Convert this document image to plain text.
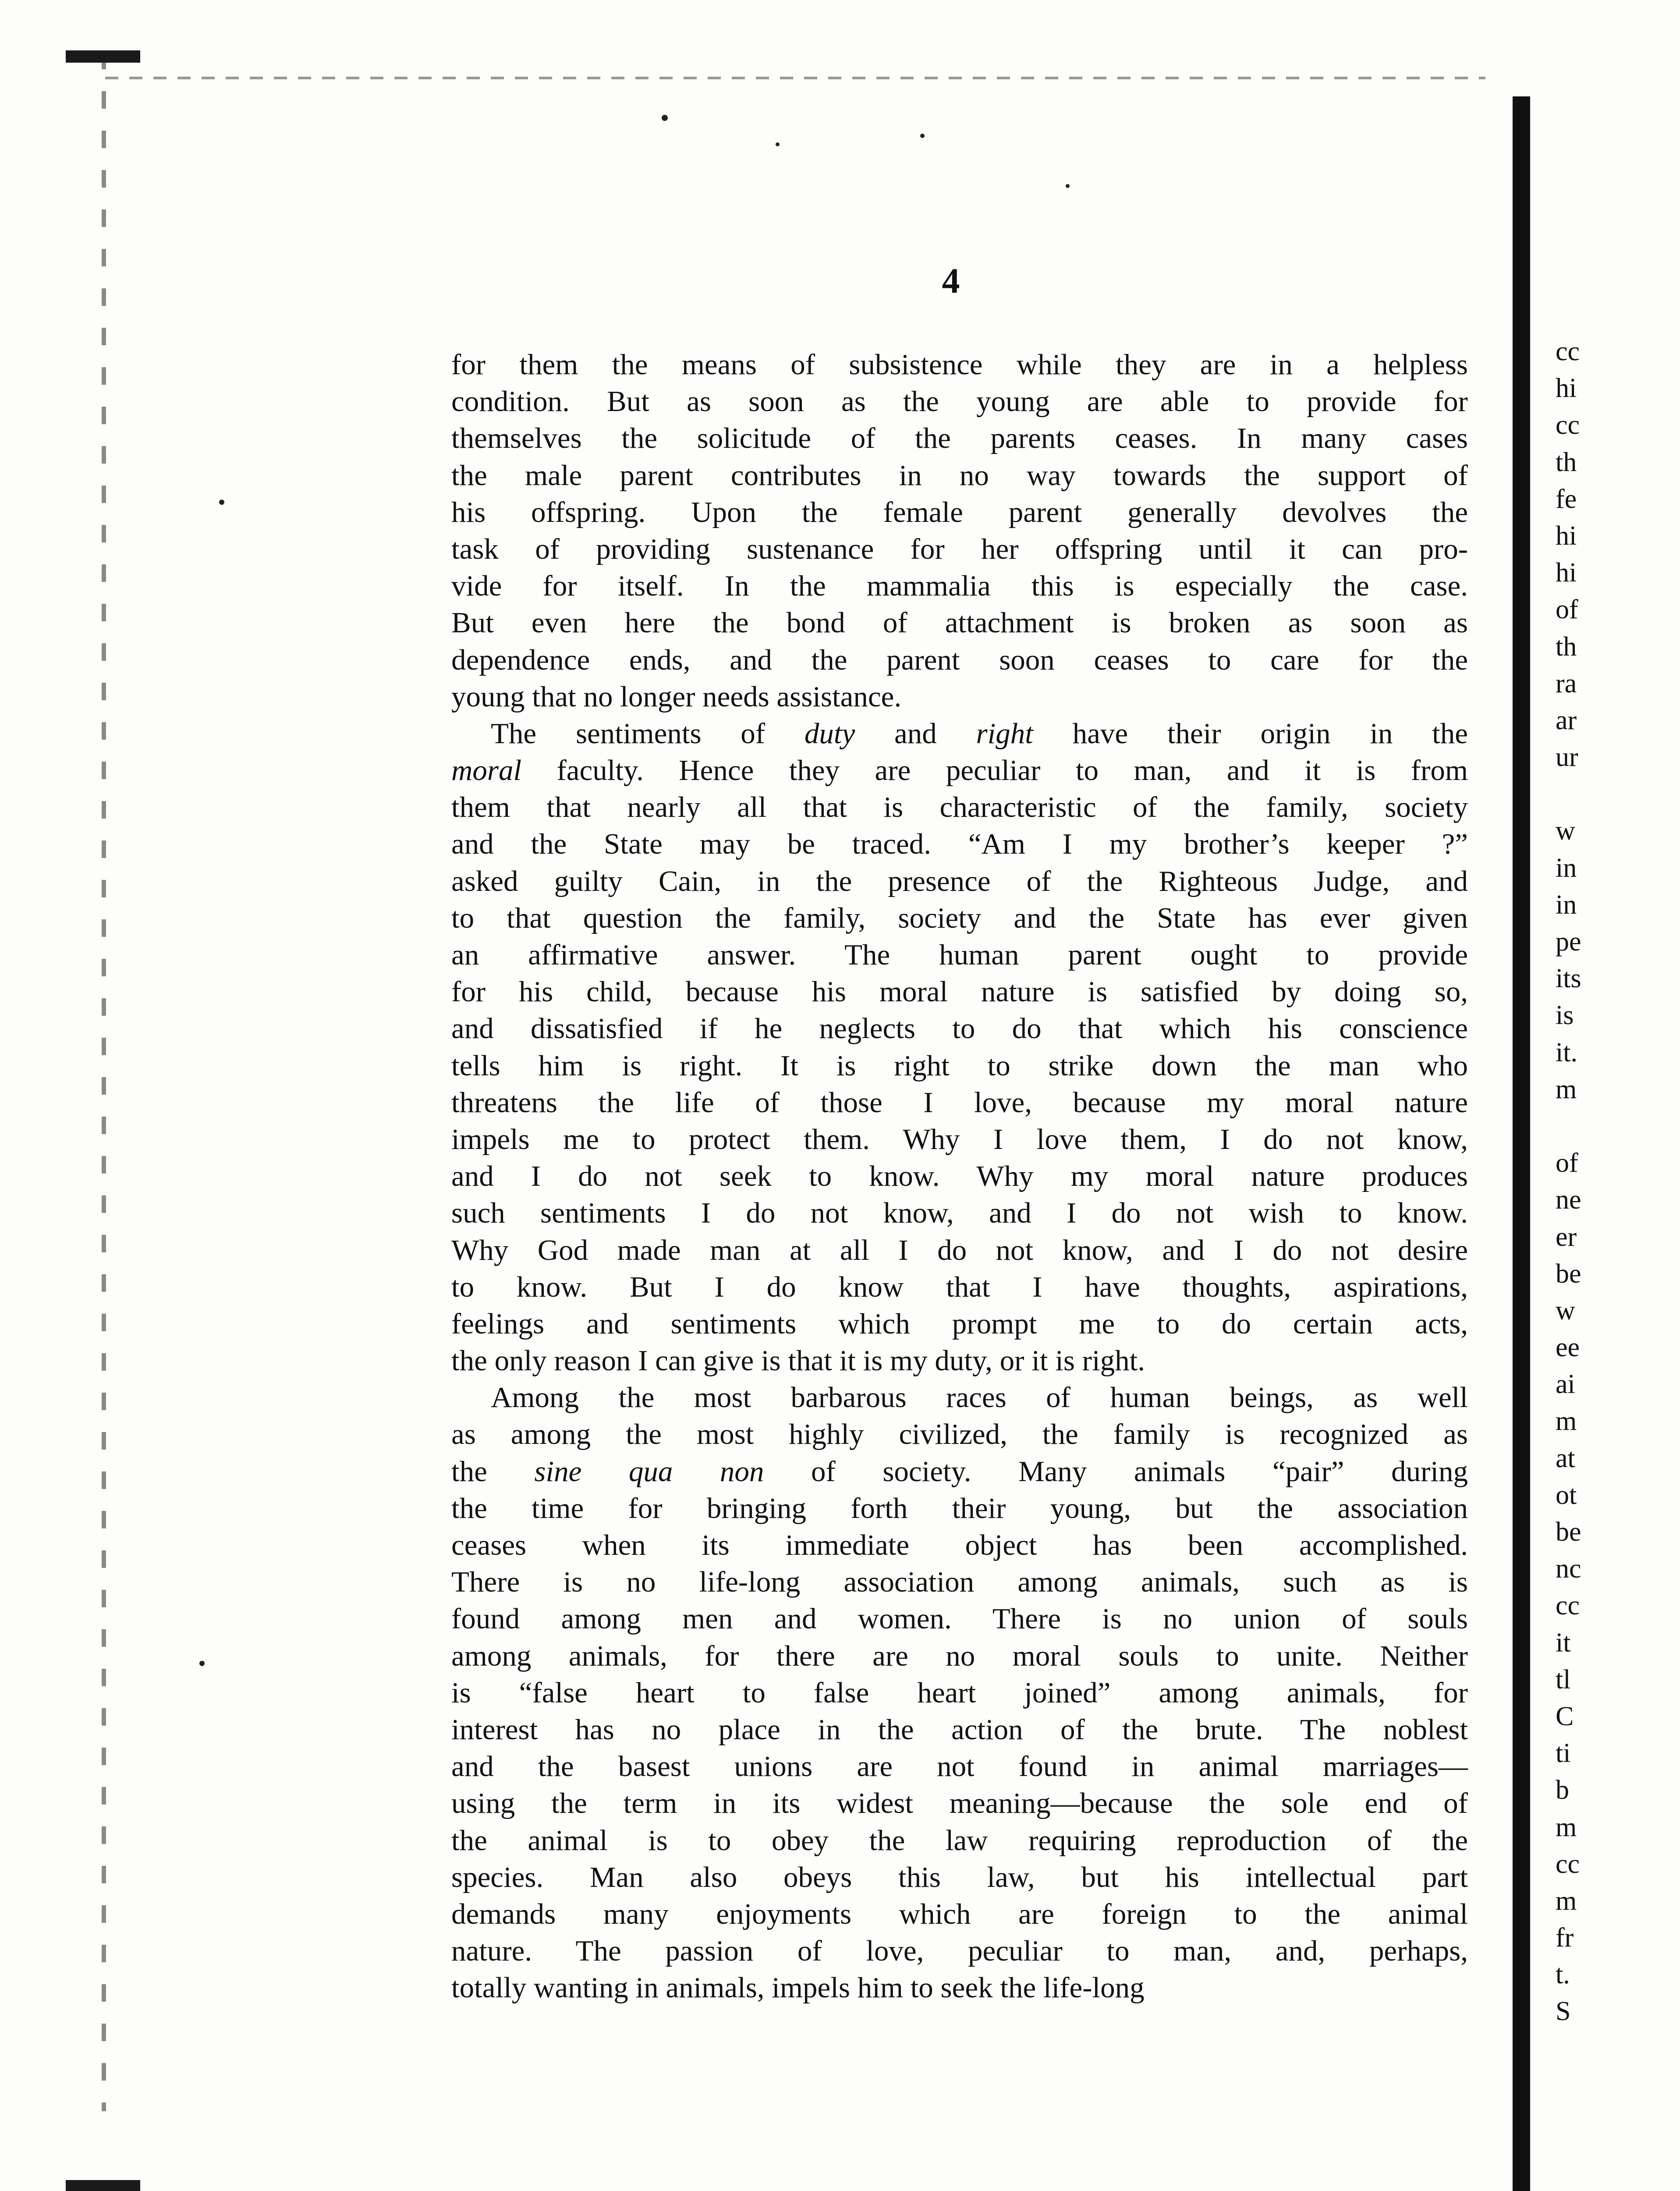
4

for them the means of subsistence while they are in a helpless
condition. But as soon as the young are able to provide for
themselves the solicitude of the parents ceases. In many cases
the male parent contributes in no way towards the support of
his offspring. Upon the female parent generally devolves the
task of providing sustenance for her offspring until it can pro-
vide for itself. In the mammalia this is especially the case.
But even here the bond of attachment is broken as soon as
dependence ends, and the parent soon ceases to care for the
young that no longer needs assistance.

The sentiments of duty and right have their origin in the
moral faculty. Hence they are peculiar to man, and it is from
them that nearly all that is characteristic of the family, society
and the State may be traced. “Am I my brother’s keeper ?”
asked guilty Cain, in the presence of the Righteous Judge, and
to that question the family, society and the State has ever given
an affirmative answer. The human parent ought to provide
for his child, because his moral nature is satisfied by doing so,
and dissatisfied if he neglects to do that which his conscience
tells him is right. It is right to strike down the man who
threatens the life of those I love, because my moral nature
impels me to protect them. Why I love them, I do not know,
and I do not seek to know. Why my moral nature produces
such sentiments I do not know, and I do not wish to know.
Why God made man at all I do not know, and I do not desire
to know. But I do know that I have thoughts, aspirations,
feelings and sentiments which prompt me to do certain acts,
the only reason I can give is that it is my duty, or it is right.

Among the most barbarous races of human beings, as well
as among the most highly civilized, the family is recognized as
the sine qua non of society. Many animals “pair” during
the time for bringing forth their young, but the association
ceases when its immediate object has been accomplished.
There is no life-long association among animals, such as is
found among men and women. There is no union of souls
among animals, for there are no moral souls to unite. Neither
is “false heart to false heart joined” among animals, for
interest has no place in the action of the brute. The noblest
and the basest unions are not found in animal marriages—
using the term in its widest meaning—because the sole end of
the animal is to obey the law requiring reproduction of the
species. Man also obeys this law, but his intellectual part
demands many enjoyments which are foreign to the animal
nature. The passion of love, peculiar to man, and, perhaps,
totally wanting in animals, impels him to seek the life-long

cc
hi
cc
th
fe
hi
hi
of
th
ra
ar
ur
w
in
in
pe
its
is
it.
m
of
ne
er
be
w
ee
ai
m
at
ot
be
nc
cc
it
tl
C
ti
b
m
cc
m
fr
t.
S
